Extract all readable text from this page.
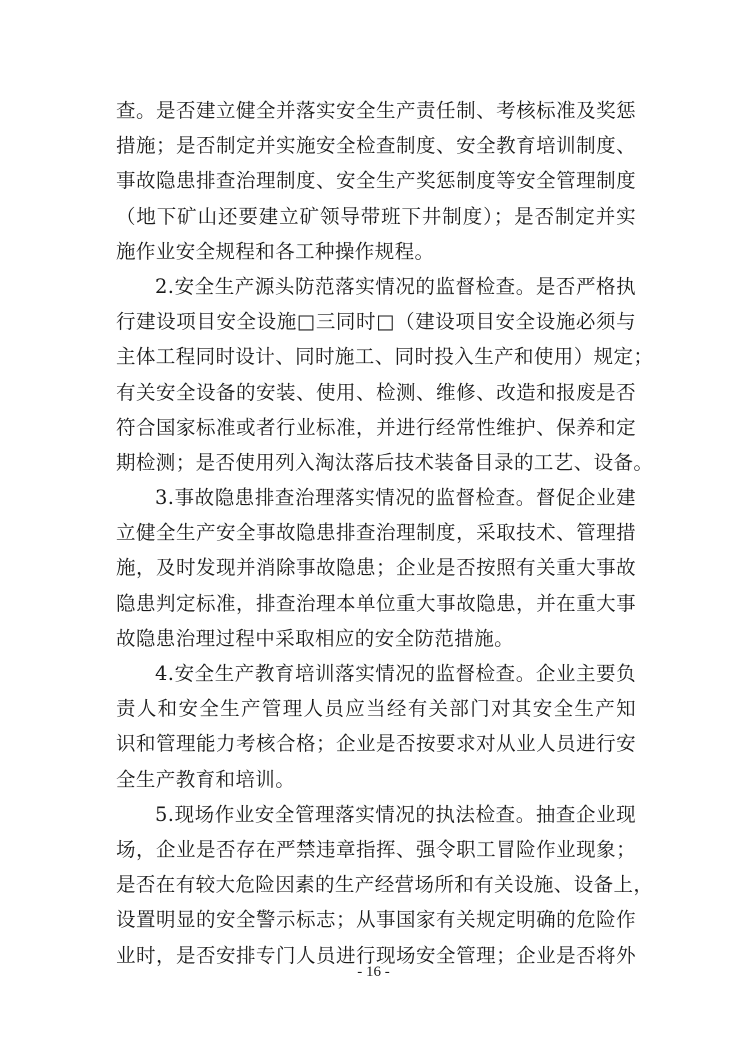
查。是否建立健全并落实安全生产责任制、考核标准及奖惩
措施；是否制定并实施安全检查制度、安全教育培训制度、
事故隐患排查治理制度、安全生产奖惩制度等安全管理制度
（地下矿山还要建立矿领导带班下井制度）；是否制定并实
施作业安全规程和各工种操作规程。
2.安全生产源头防范落实情况的监督检查。是否严格执
行建设项目安全设施□三同时□（建设项目安全设施必须与
主体工程同时设计、同时施工、同时投入生产和使用）规定；
有关安全设备的安装、使用、检测、维修、改造和报废是否
符合国家标准或者行业标准，并进行经常性维护、保养和定
期检测；是否使用列入淘汰落后技术装备目录的工艺、设备。
3.事故隐患排查治理落实情况的监督检查。督促企业建
立健全生产安全事故隐患排查治理制度，采取技术、管理措
施，及时发现并消除事故隐患；企业是否按照有关重大事故
隐患判定标准，排查治理本单位重大事故隐患，并在重大事
故隐患治理过程中采取相应的安全防范措施。
4.安全生产教育培训落实情况的监督检查。企业主要负
责人和安全生产管理人员应当经有关部门对其安全生产知
识和管理能力考核合格；企业是否按要求对从业人员进行安
全生产教育和培训。
5.现场作业安全管理落实情况的执法检查。抽查企业现
场，企业是否存在严禁违章指挥、强令职工冒险作业现象；
是否在有较大危险因素的生产经营场所和有关设施、设备上，
设置明显的安全警示标志；从事国家有关规定明确的危险作
业时，是否安排专门人员进行现场安全管理；企业是否将外
- 16 -
